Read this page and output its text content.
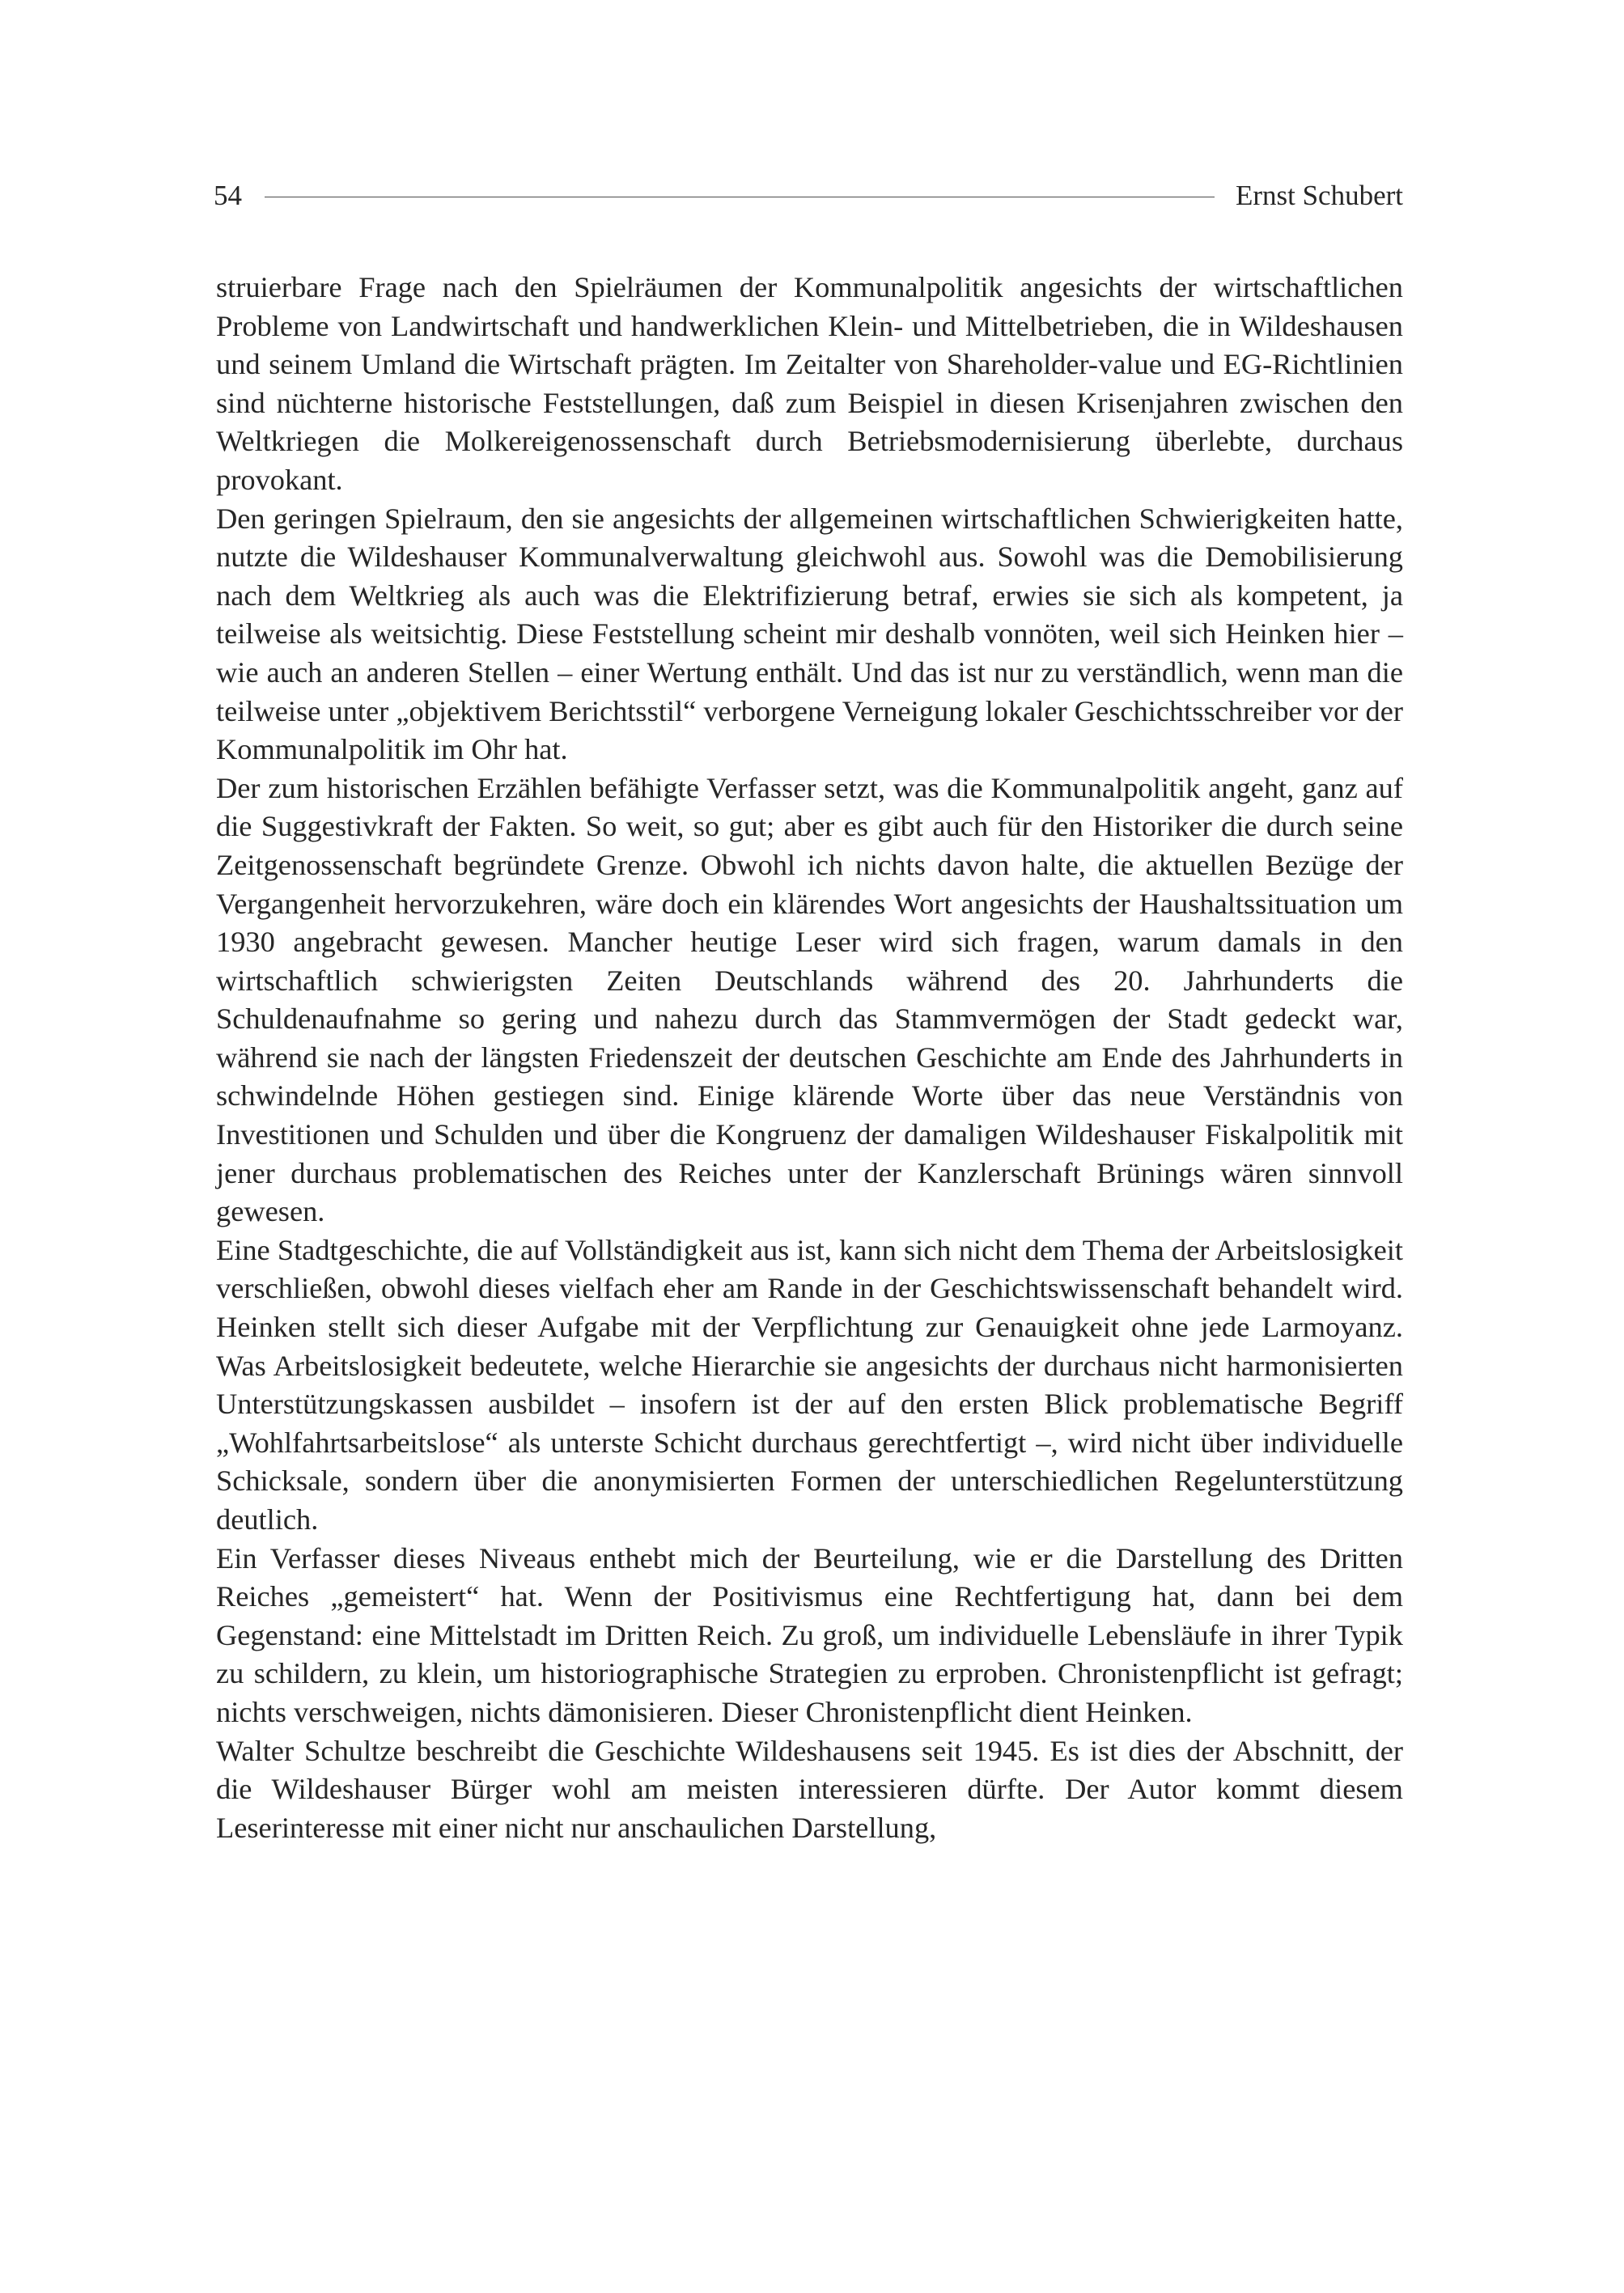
54	Ernst Schubert

struierbare Frage nach den Spielräumen der Kommunalpolitik angesichts der wirtschaftlichen Probleme von Landwirtschaft und handwerklichen Klein- und Mittelbetrieben, die in Wildeshausen und seinem Umland die Wirtschaft prägten. Im Zeitalter von Shareholder-value und EG-Richtlinien sind nüchterne historische Feststellungen, daß zum Beispiel in diesen Krisenjahren zwischen den Weltkriegen die Molkereigenossenschaft durch Betriebsmodernisierung überlebte, durchaus provokant.

Den geringen Spielraum, den sie angesichts der allgemeinen wirtschaftlichen Schwierigkeiten hatte, nutzte die Wildeshauser Kommunalverwaltung gleichwohl aus. Sowohl was die Demobilisierung nach dem Weltkrieg als auch was die Elektrifizierung betraf, erwies sie sich als kompetent, ja teilweise als weitsichtig. Diese Feststellung scheint mir deshalb vonnöten, weil sich Heinken hier – wie auch an anderen Stellen – einer Wertung enthält. Und das ist nur zu verständlich, wenn man die teilweise unter „objektivem Berichtsstil“ verborgene Verneigung lokaler Geschichtsschreiber vor der Kommunalpolitik im Ohr hat.

Der zum historischen Erzählen befähigte Verfasser setzt, was die Kommunalpolitik angeht, ganz auf die Suggestivkraft der Fakten. So weit, so gut; aber es gibt auch für den Historiker die durch seine Zeitgenossenschaft begründete Grenze. Obwohl ich nichts davon halte, die aktuellen Bezüge der Vergangenheit hervorzukehren, wäre doch ein klärendes Wort angesichts der Haushaltssituation um 1930 angebracht gewesen. Mancher heutige Leser wird sich fragen, warum damals in den wirtschaftlich schwierigsten Zeiten Deutschlands während des 20. Jahrhunderts die Schuldenaufnahme so gering und nahezu durch das Stammvermögen der Stadt gedeckt war, während sie nach der längsten Friedenszeit der deutschen Geschichte am Ende des Jahrhunderts in schwindelnde Höhen gestiegen sind. Einige klärende Worte über das neue Verständnis von Investitionen und Schulden und über die Kongruenz der damaligen Wildeshauser Fiskalpolitik mit jener durchaus problematischen des Reiches unter der Kanzlerschaft Brünings wären sinnvoll gewesen.

Eine Stadtgeschichte, die auf Vollständigkeit aus ist, kann sich nicht dem Thema der Arbeitslosigkeit verschließen, obwohl dieses vielfach eher am Rande in der Geschichtswissenschaft behandelt wird. Heinken stellt sich dieser Aufgabe mit der Verpflichtung zur Genauigkeit ohne jede Larmoyanz. Was Arbeitslosigkeit bedeutete, welche Hierarchie sie angesichts der durchaus nicht harmonisierten Unterstützungskassen ausbildet – insofern ist der auf den ersten Blick problematische Begriff „Wohlfahrtsarbeitslose“ als unterste Schicht durchaus gerechtfertigt –, wird nicht über individuelle Schicksale, sondern über die anonymisierten Formen der unterschiedlichen Regelunterstützung deutlich.

Ein Verfasser dieses Niveaus enthebt mich der Beurteilung, wie er die Darstellung des Dritten Reiches „gemeistert“ hat. Wenn der Positivismus eine Rechtfertigung hat, dann bei dem Gegenstand: eine Mittelstadt im Dritten Reich. Zu groß, um individuelle Lebensläufe in ihrer Typik zu schildern, zu klein, um historiographische Strategien zu erproben. Chronistenpflicht ist gefragt; nichts verschweigen, nichts dämonisieren. Dieser Chronistenpflicht dient Heinken.

Walter Schultze beschreibt die Geschichte Wildeshausens seit 1945. Es ist dies der Abschnitt, der die Wildeshauser Bürger wohl am meisten interessieren dürfte. Der Autor kommt diesem Leserinteresse mit einer nicht nur anschaulichen Darstellung,
